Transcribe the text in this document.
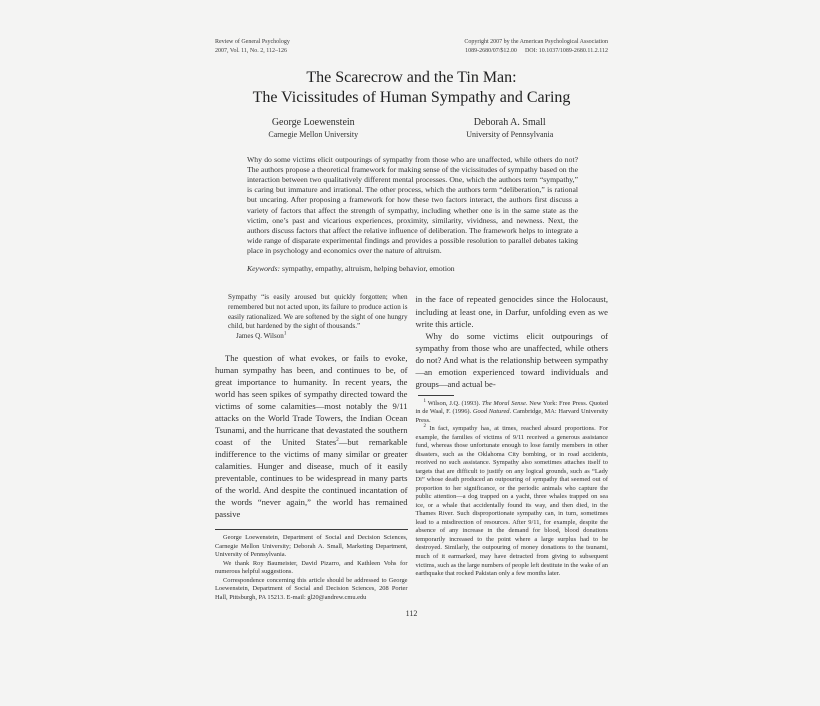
Review of General Psychology
2007, Vol. 11, No. 2, 112–126
Copyright 2007 by the American Psychological Association
1089-2680/07/$12.00 DOI: 10.1037/1089-2680.11.2.112
The Scarecrow and the Tin Man:
The Vicissitudes of Human Sympathy and Caring
George Loewenstein
Carnegie Mellon University
Deborah A. Small
University of Pennsylvania

Why do some victims elicit outpourings of sympathy from those who are unaffected, while others do not? The authors propose a theoretical framework for making sense of the vicissitudes of sympathy based on the interaction between two qualitatively different mental processes. One, which the authors term “sympathy,” is caring but immature and irrational. The other process, which the authors term “deliberation,” is rational but uncaring. After proposing a framework for how these two factors interact, the authors first discuss a variety of factors that affect the strength of sympathy, including whether one is in the same state as the victim, one’s past and vicarious experiences, proximity, similarity, vividness, and newness. Next, the authors discuss factors that affect the relative influence of deliberation. The framework helps to integrate a wide range of disparate experimental findings and provides a possible resolution to parallel debates taking place in psychology and economics over the nature of altruism.

Keywords: sympathy, empathy, altruism, helping behavior, emotion

Sympathy “is easily aroused but quickly forgotten; when remembered but not acted upon, its failure to produce action is easily rationalized. We are softened by the sight of one hungry child, but hardened by the sight of thousands.”
James Q. Wilson$^1$

The question of what evokes, or fails to evoke, human sympathy has been, and continues to be, of great importance to humanity. In recent years, the world has seen spikes of sympathy directed toward the victims of some calamities—most notably the 9/11 attacks on the World Trade Towers, the Indian Ocean Tsunami, and the hurricane that devastated the southern coast of the United States$^2$—but remarkable indifference to the victims of many similar or greater calamities. Hunger and disease, much of it easily preventable, continues to be widespread in many parts of the world. And despite the continued incantation of the words “never again,” the world has remained passive

George Loewenstein, Department of Social and Decision Sciences, Carnegie Mellon University; Deborah A. Small, Marketing Department, University of Pennsylvania.

We thank Roy Baumeister, David Pizarro, and Kathleen Vohs for numerous helpful suggestions.

Correspondence concerning this article should be addressed to George Loewenstein, Department of Social and Decision Sciences, 208 Porter Hall, Pittsburgh, PA 15213. E-mail: gl20@andrew.cmu.edu

in the face of repeated genocides since the Holocaust, including at least one, in Darfur, unfolding even as we write this article.

Why do some victims elicit outpourings of sympathy from those who are unaffected, while others do not? And what is the relationship between sympathy—an emotion experienced toward individuals and groups—and actual be-

$^1$ Wilson, J.Q. (1993). The Moral Sense. New York: Free Press. Quoted in de Waal, F. (1996). Good Natured. Cambridge, MA: Harvard University Press.

$^2$ In fact, sympathy has, at times, reached absurd proportions. For example, the families of victims of 9/11 received a generous assistance fund, whereas those unfortunate enough to lose family members in other disasters, such as the Oklahoma City bombing, or in road accidents, received no such assistance. Sympathy also sometimes attaches itself to targets that are difficult to justify on any logical grounds, such as “Lady Di” whose death produced an outpouring of sympathy that seemed out of proportion to her significance, or the periodic animals who capture the public attention—a dog trapped on a yacht, three whales trapped on sea ice, or a whale that accidentally found its way, and then died, in the Thames River. Such disproportionate sympathy can, in turn, sometimes lead to a misdirection of resources. After 9/11, for example, despite the absence of any increase in the demand for blood, blood donations temporarily increased to the point where a large surplus had to be destroyed. Similarly, the outpouring of money donations to the tsunami, much of it earmarked, may have detracted from giving to subsequent victims, such as the large numbers of people left destitute in the wake of an earthquake that rocked Pakistan only a few months later.

112
